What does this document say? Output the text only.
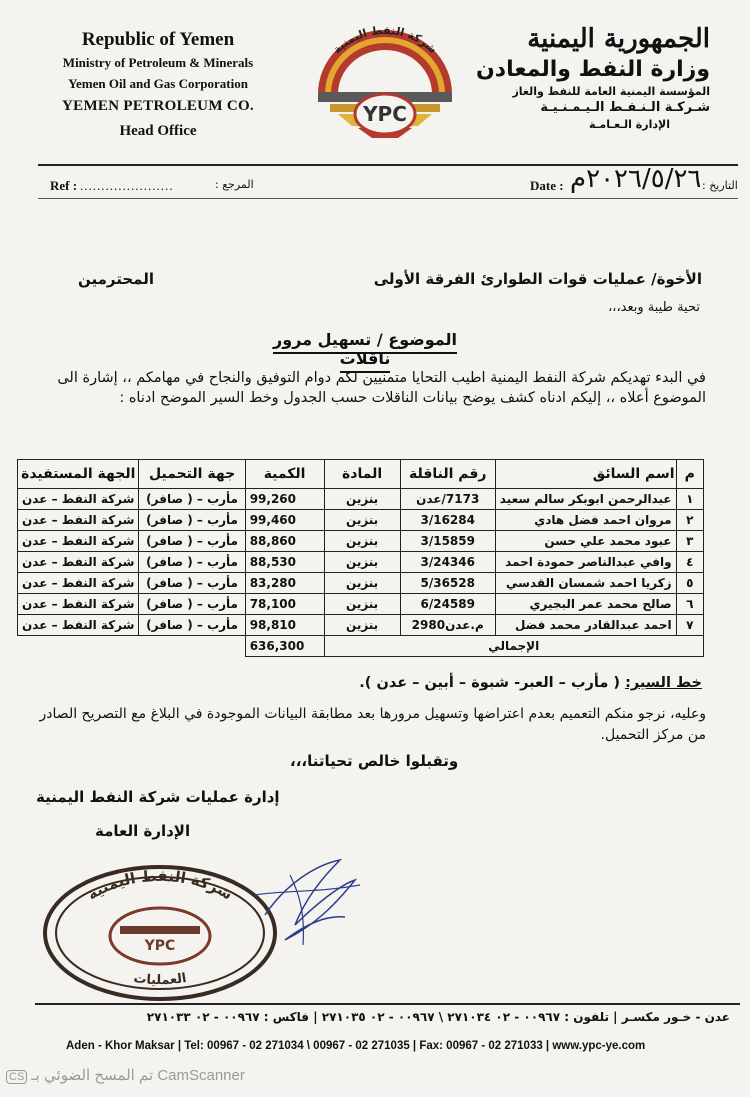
Republic of Yemen
Ministry of Petroleum & Minerals
Yemen Oil and Gas Corporation
YEMEN PETROLEUM CO.
Head Office
شركة النفط اليمنية
YPC
الجمهورية اليمنية
وزارة النفط والمعادن
المؤسسة اليمنية العامة للنفط والغاز
شـركـة الـنـفـط الـيـمـنـيـة
الإدارة الـعـامـة
Ref : ......................	المرجع :	Date : ٢٠٢٦/٥/٢٦م التاريخ :
الأخوة/ عمليات قوات الطوارئ الفرقة الأولى
المحترمين
تحية طيبة وبعد،،،
الموضوع / تسهيل مرور ناقلات
في البدء تهديكم شركة النفط اليمنية اطيب التحايا متمنيين لكم دوام التوفيق والنجاح في مهامكم ،، إشارة الى الموضوع أعلاه ،، إليكم ادناه كشف يوضح بيانات الناقلات حسب الجدول وخط السير الموضح ادناه :
م	اسم السائق	رقم الناقلة	المادة	الكمية	جهة التحميل	الجهة المستفيدة
١	عبدالرحمن ابوبكر سالم سعيد	7173/عدن	بنزين	99,260	مأرب – ( صافر)	شركة النفط – عدن
٢	مروان احمد فضل هادي	3/16284	بنزين	99,460	مأرب – ( صافر)	شركة النفط – عدن
٣	عبود محمد علي حسن	3/15859	بنزين	88,860	مأرب – ( صافر)	شركة النفط – عدن
٤	وافي عبدالناصر حمودة احمد	3/24346	بنزين	88,530	مأرب – ( صافر)	شركة النفط – عدن
٥	زكريا احمد شمسان القدسي	5/36528	بنزين	83,280	مأرب – ( صافر)	شركة النفط – عدن
٦	صالح محمد عمر البجيري	6/24589	بنزين	78,100	مأرب – ( صافر)	شركة النفط – عدن
٧	احمد عبدالقادر محمد فضل	م.عدن2980	بنزين	98,810	مأرب – ( صافر)	شركة النفط – عدن
الإجمالي				636,300		
خط السير: ( مأرب – العبر- شبوة – أبين – عدن ).
وعليه، نرجو منكم التعميم بعدم اعتراضها وتسهيل مرورها بعد مطابقة البيانات الموجودة في البلاغ مع التصريح الصادر من مركز التحميل.
وتقبلوا خالص تحياتنا،،،
إدارة عمليات شركة النفط اليمنية
الإدارة العامة
YPC
شركة النفط اليمنية
العمليات
عدن - خـور مكسـر | تلفون : ٠٠٩٦٧ - ٠٢ ٢٧١٠٣٤ \ ٠٠٩٦٧ - ٠٢ ٢٧١٠٣٥ | فاكس : ٠٠٩٦٧ - ٠٢ ٢٧١٠٣٣
Aden - Khor Maksar | Tel: 00967 - 02 271034 \ 00967 - 02 271035 | Fax: 00967 - 02 271033 | www.ypc-ye.com
CS تم المسح الضوئي بـ CamScanner
